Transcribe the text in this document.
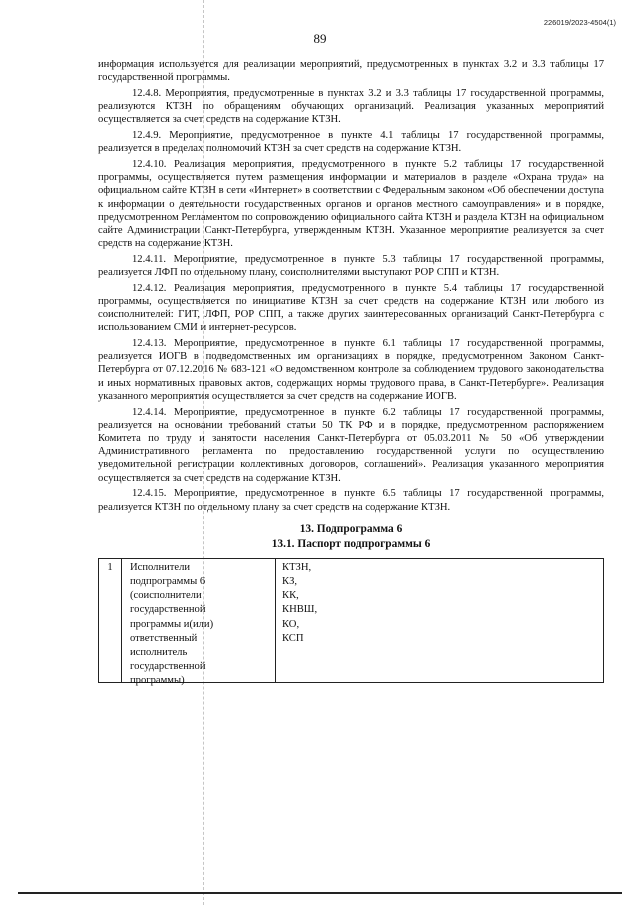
226019/2023-4504(1)
89

информация используется для реализации мероприятий, предусмотренных в пунктах 3.2 и 3.3 таблицы 17 государственной программы.

12.4.8. Мероприятия, предусмотренные в пунктах 3.2 и 3.3 таблицы 17 государственной программы, реализуются КТЗН по обращениям обучающих организаций. Реализация указанных мероприятий осуществляется за счет средств на содержание КТЗН.

12.4.9. Мероприятие, предусмотренное в пункте 4.1 таблицы 17 государственной программы, реализуется в пределах полномочий КТЗН за счет средств на содержание КТЗН.

12.4.10. Реализация мероприятия, предусмотренного в пункте 5.2 таблицы 17 государственной программы, осуществляется путем размещения информации и материалов в разделе «Охрана труда» на официальном сайте КТЗН в сети «Интернет» в соответствии с Федеральным законом «Об обеспечении доступа к информации о деятельности государственных органов и органов местного самоуправления» и в порядке, предусмотренном Регламентом по сопровождению официального сайта КТЗН и раздела КТЗН на официальном сайте Администрации Санкт-Петербурга, утвержденным КТЗН. Указанное мероприятие реализуется за счет средств на содержание КТЗН.

12.4.11. Мероприятие, предусмотренное в пункте 5.3 таблицы 17 государственной программы, реализуется ЛФП по отдельному плану, соисполнителями выступают РОР СПП и КТЗН.

12.4.12. Реализация мероприятия, предусмотренного в пункте 5.4 таблицы 17 государственной программы, осуществляется по инициативе КТЗН за счет средств на содержание КТЗН или любого из соисполнителей: ГИТ, ЛФП, РОР СПП, а также других заинтересованных организаций Санкт-Петербурга с использованием СМИ и интернет-ресурсов.

12.4.13. Мероприятие, предусмотренное в пункте 6.1 таблицы 17 государственной программы, реализуется ИОГВ в подведомственных им организациях в порядке, предусмотренном Законом Санкт-Петербурга от 07.12.2016 № 683-121 «О ведомственном контроле за соблюдением трудового законодательства и иных нормативных правовых актов, содержащих нормы трудового права, в Санкт-Петербурге». Реализация указанного мероприятия осуществляется за счет средств на содержание ИОГВ.

12.4.14. Мероприятие, предусмотренное в пункте 6.2 таблицы 17 государственной программы, реализуется на основании требований статьи 50 ТК РФ и в порядке, предусмотренном распоряжением Комитета по труду и занятости населения Санкт-Петербурга от 05.03.2011 № 50 «Об утверждении Административного регламента по предоставлению государственной услуги по осуществлению уведомительной регистрации коллективных договоров, соглашений». Реализация указанного мероприятия осуществляется за счет средств на содержание КТЗН.

12.4.15. Мероприятие, предусмотренное в пункте 6.5 таблицы 17 государственной программы, реализуется КТЗН по отдельному плану за счет средств на содержание КТЗН.

13. Подпрограмма 6
13.1. Паспорт подпрограммы 6
1	Исполнители
подпрограммы 6
(соисполнители
государственной
программы и(или)
ответственный
исполнитель
государственной
программы)
КТЗН,
КЗ,
КК,
КНВШ,
КО,
КСП
